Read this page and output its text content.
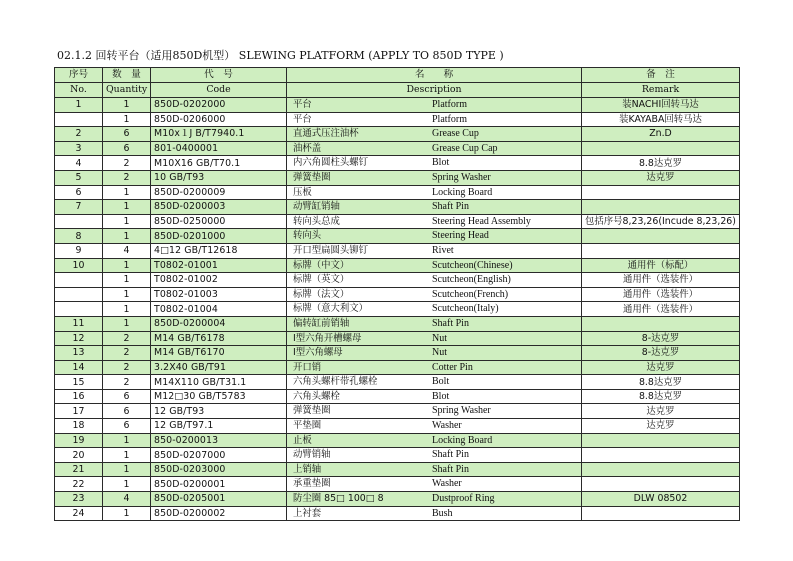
02.1.2 回转平台（适用850D机型） SLEWING PLATFORM (APPLY TO 850D TYPE )
序号	数　量	代　号	名　　称	备　注
No.	Quantity	Code	Description	Remark
1	1	850D-0202000	平台 Platform	装NACHI回转马达
	1	850D-0206000	平台 Platform	装KAYABA回转马达
2	6	M10x１J B/T7940.1	直通式压注油杯 Grease Cup	Zn.D
3	6	801-0400001	油杯盖 Grease Cup Cap	

4	2	M10X16 GB/T70.1	内六角圆柱头螺钉 Blot	8.8达克罗
5	2	10 GB/T93	弹簧垫圈 Spring Washer	达克罗
6	1	850D-0200009	压板 Locking Board	

7	1	850D-0200003	动臂缸销轴 Shaft Pin	

	1	850D-0250000	转向头总成 Steering Head Assembly	包括序号8,23,26(Incude 8,23,26)
8	1	850D-0201000	转向头 Steering Head	

9	4	4□12 GB/T12618	开口型扁圆头铆钉 Rivet	

10	1	T0802-01001	标牌（中文） Scutcheon(Chinese)	通用件（标配）
	1	T0802-01002	标牌（英文） Scutcheon(English)	通用件（选装件）
	1	T0802-01003	标牌（法文） Scutcheon(French)	通用件（选装件）
	1	T0802-01004	标牌（意大利文） Scutcheon(Italy)	通用件（选装件）
11	1	850D-0200004	偏转缸前销轴 Shaft Pin	

12	2	M14 GB/T6178	Ⅰ型六角开槽螺母 Nut	8-达克罗
13	2	M14 GB/T6170	Ⅰ型六角螺母 Nut	8-达克罗
14	2	3.2X40 GB/T91	开口销 Cotter Pin	达克罗
15	2	M14X110 GB/T31.1	六角头螺杆带孔螺栓 Bolt	8.8达克罗
16	6	M12□30 GB/T5783	六角头螺栓 Blot	8.8达克罗
17	6	12 GB/T93	弹簧垫圈 Spring Washer	达克罗
18	6	12 GB/T97.1	平垫圈 Washer	达克罗
19	1	850-0200013	止板 Locking Board	

20	1	850D-0207000	动臂销轴 Shaft Pin	

21	1	850D-0203000	上销轴 Shaft Pin	

22	1	850D-0200001	承重垫圈 Washer	

23	4	850D-0205001	防尘圈 85□ 100□ 8 Dustproof Ring	DLW 08502
24	1	850D-0200002	上衬套 Bush	
